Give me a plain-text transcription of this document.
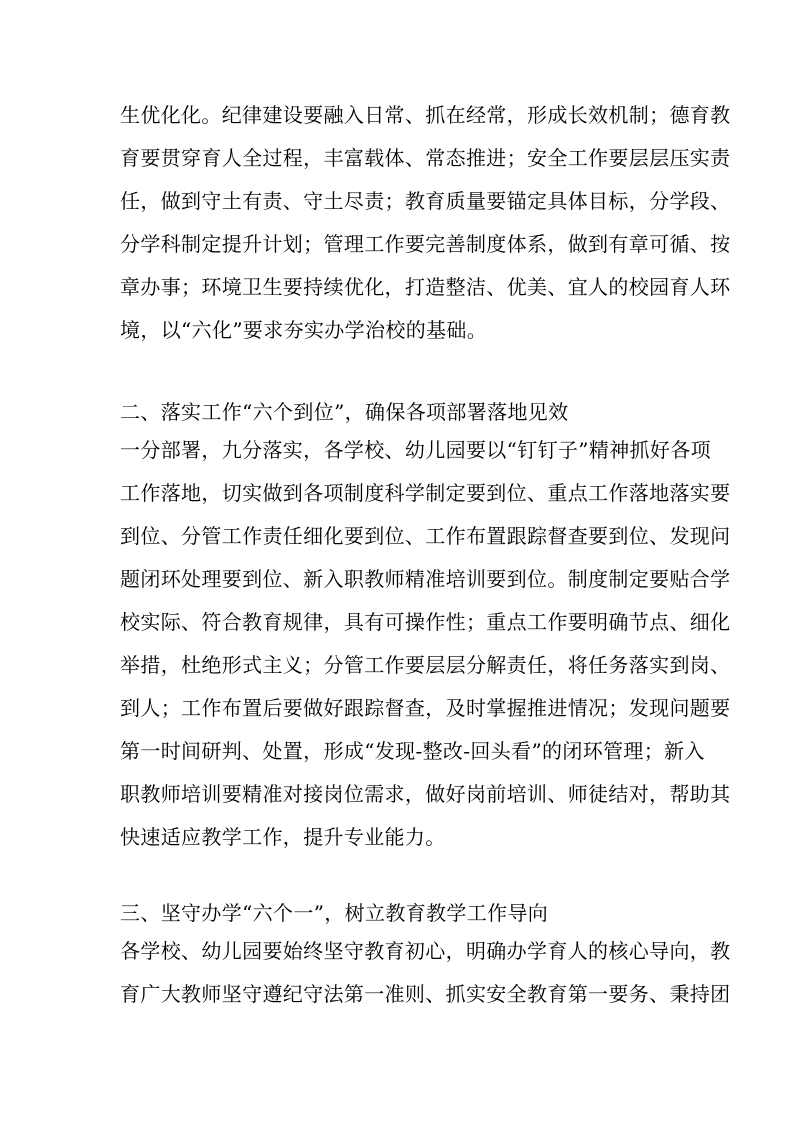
生优化化。纪律建设要融入日常、抓在经常，形成长效机制；德育教
育要贯穿育人全过程，丰富载体、常态推进；安全工作要层层压实责
任，做到守土有责、守土尽责；教育质量要锚定具体目标，分学段、
分学科制定提升计划；管理工作要完善制度体系，做到有章可循、按
章办事；环境卫生要持续优化，打造整洁、优美、宜人的校园育人环
境，以“六化”要求夯实办学治校的基础。
二、落实工作“六个到位”，确保各项部署落地见效
一分部署，九分落实，各学校、幼儿园要以“钉钉子”精神抓好各项
工作落地，切实做到各项制度科学制定要到位、重点工作落地落实要
到位、分管工作责任细化要到位、工作布置跟踪督查要到位、发现问
题闭环处理要到位、新入职教师精准培训要到位。制度制定要贴合学
校实际、符合教育规律，具有可操作性；重点工作要明确节点、细化
举措，杜绝形式主义；分管工作要层层分解责任，将任务落实到岗、
到人；工作布置后要做好跟踪督查，及时掌握推进情况；发现问题要
第一时间研判、处置，形成“发现-整改-回头看”的闭环管理；新入
职教师培训要精准对接岗位需求，做好岗前培训、师徒结对，帮助其
快速适应教学工作，提升专业能力。
三、坚守办学“六个一”，树立教育教学工作导向
各学校、幼儿园要始终坚守教育初心，明确办学育人的核心导向，教
育广大教师坚守遵纪守法第一准则、抓实安全教育第一要务、秉持团
